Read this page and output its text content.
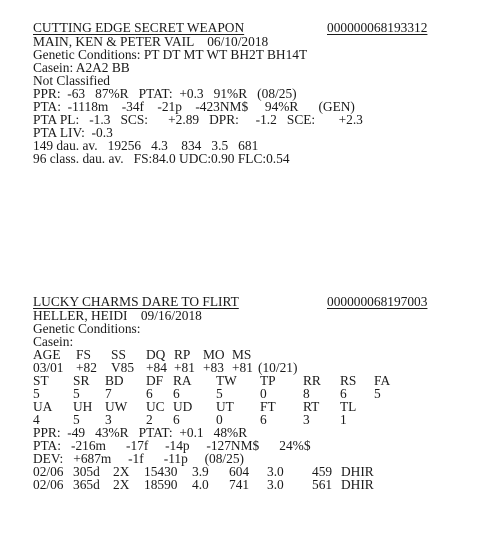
CUTTING EDGE SECRET WEAPON	000000068193312
MAIN, KEN & PETER VAIL 06/10/2018
Genetic Conditions: PT DT MT WT BH2T BH14T
Casein: A2A2 BB
Not Classified
PPR:  -63   87%R   PTAT:  +0.3   91%R   (08/25)
PTA:  -1118m    -34f    -21p    -423NM$     94%R      (GEN)
PTA PL:   -1.3   SCS:      +2.89   DPR:     -1.2   SCE:       +2.3
PTA LIV:  -0.3
149 dau. av.   19256   4.3    834   3.5   681
96 class. dau. av.   FS:84.0 UDC:0.90 FLC:0.54
LUCKY CHARMS DARE TO FLIRT	000000068197003
HELLER, HEIDI 09/16/2018
Genetic Conditions:
Casein:
AGE FS SS DQ RP MO MS
03/01 +82 V85 +84 +81 +83 +81 (10/21)
ST SR BD DF RA TW TP RR RS FA
5 5 7	6 6	5	0	8 6 5
UA UH UW UC UD UT FT RT TL
4 5 3	2 6	0	6	3 1
PPR:  -49   43%R   PTAT:  +0.1   48%R
PTA:   -216m      -17f     -14p     -127NM$      24%$
DEV:   +687m     -1f      -11p     (08/25)
02/06 305d 2X 15430 3.9 604 3.0 459 DHIR
02/06 365d 2X 18590 4.0 741 3.0 561 DHIR
